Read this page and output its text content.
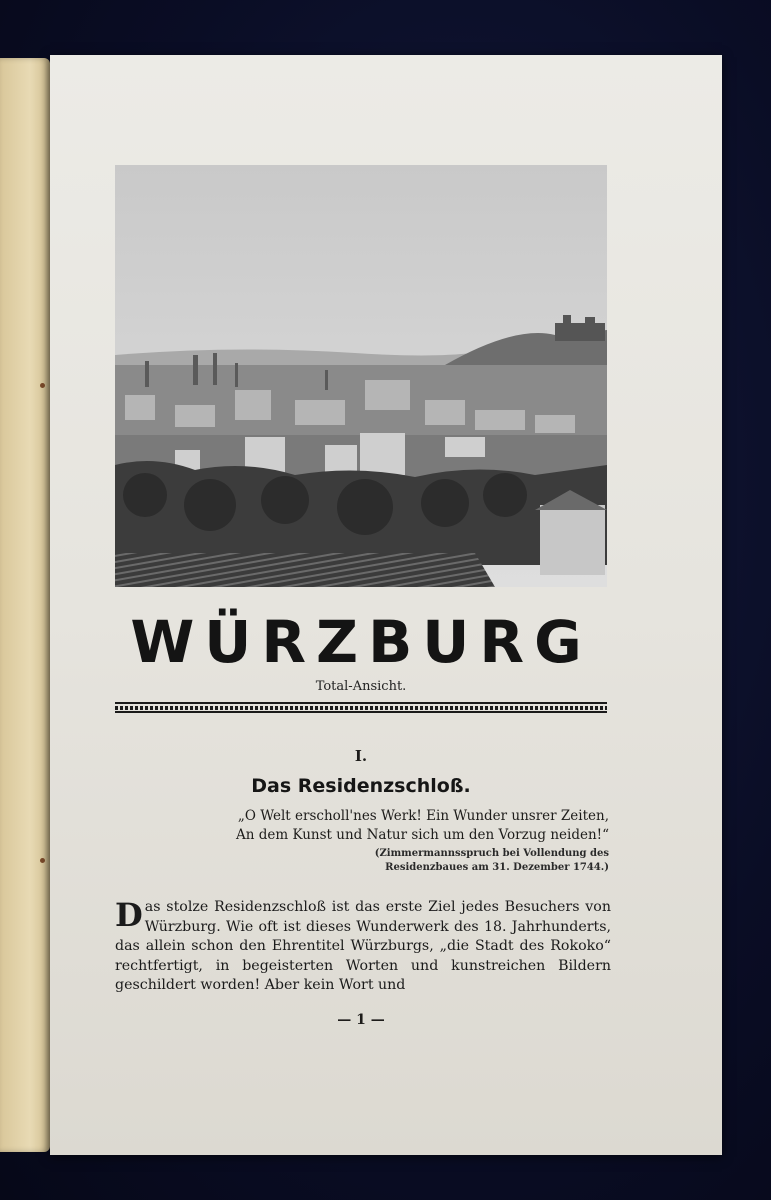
WÜRZBURG
Total-Ansicht.
I.
Das Residenzschloß.
„O Welt erscholl'nes Werk! Ein Wunder unsrer Zeiten,
An dem Kunst und Natur sich um den Vorzug neiden!“
(Zimmermannsspruch bei Vollendung des
Residenzbaues am 31. Dezember 1744.)

Das stolze Residenzschloß ist das erste Ziel jedes Besuchers von Würzburg. Wie oft ist dieses Wunderwerk des 18. Jahrhunderts, das allein schon den Ehrentitel Würzburgs, „die Stadt des Rokoko“ rechtfertigt, in begeisterten Worten und kunstreichen Bildern geschildert worden! Aber kein Wort und

— 1 —
